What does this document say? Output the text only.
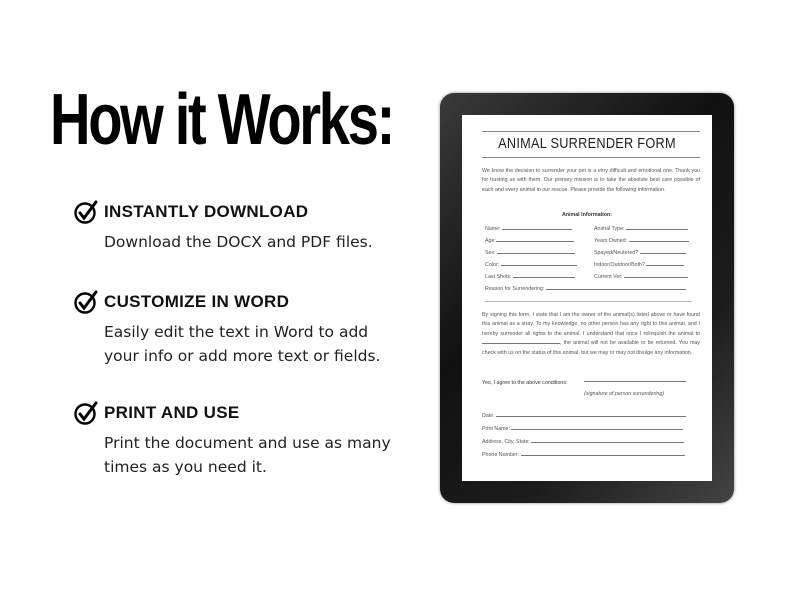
How it Works:
INSTANTLY DOWNLOAD
Download the DOCX and PDF files.
CUSTOMIZE IN WORD
Easily edit the text in Word to add
your info or add more text or fields.
PRINT AND USE
Print the document and use as many
times as you need it.
ANIMAL SURRENDER FORM
We know the decision to surrender your pet is a very difficult and emotional one. Thank you for trusting us with them. Our primary mission is to take the absolute best care possible of each and every animal in our rescue. Please provide the following information.
Animal Information:
Name:
Age:
Sex:
Color:
Last Shots:
Animal Type:
Years Owned:
Spayed/Neutered?
Indoor/Outdoor/Both?
Current Vet:
Reason for Surrendering:
By signing this form, I state that I am the owner of the animal(s) listed above or have found this animal as a stray. To my knowledge, no other person has any right to this animal, and I hereby surrender all rights to the animal. I understand that once I relinquish the animal to , the animal will not be available to be returned. You may check with us on the status of this animal, but we may or may not divulge any information.
Yes, I agree to the above conditions:
(signature of person surrendering)
Date:
Print Name:
Address, City, State:
Phone Number:
